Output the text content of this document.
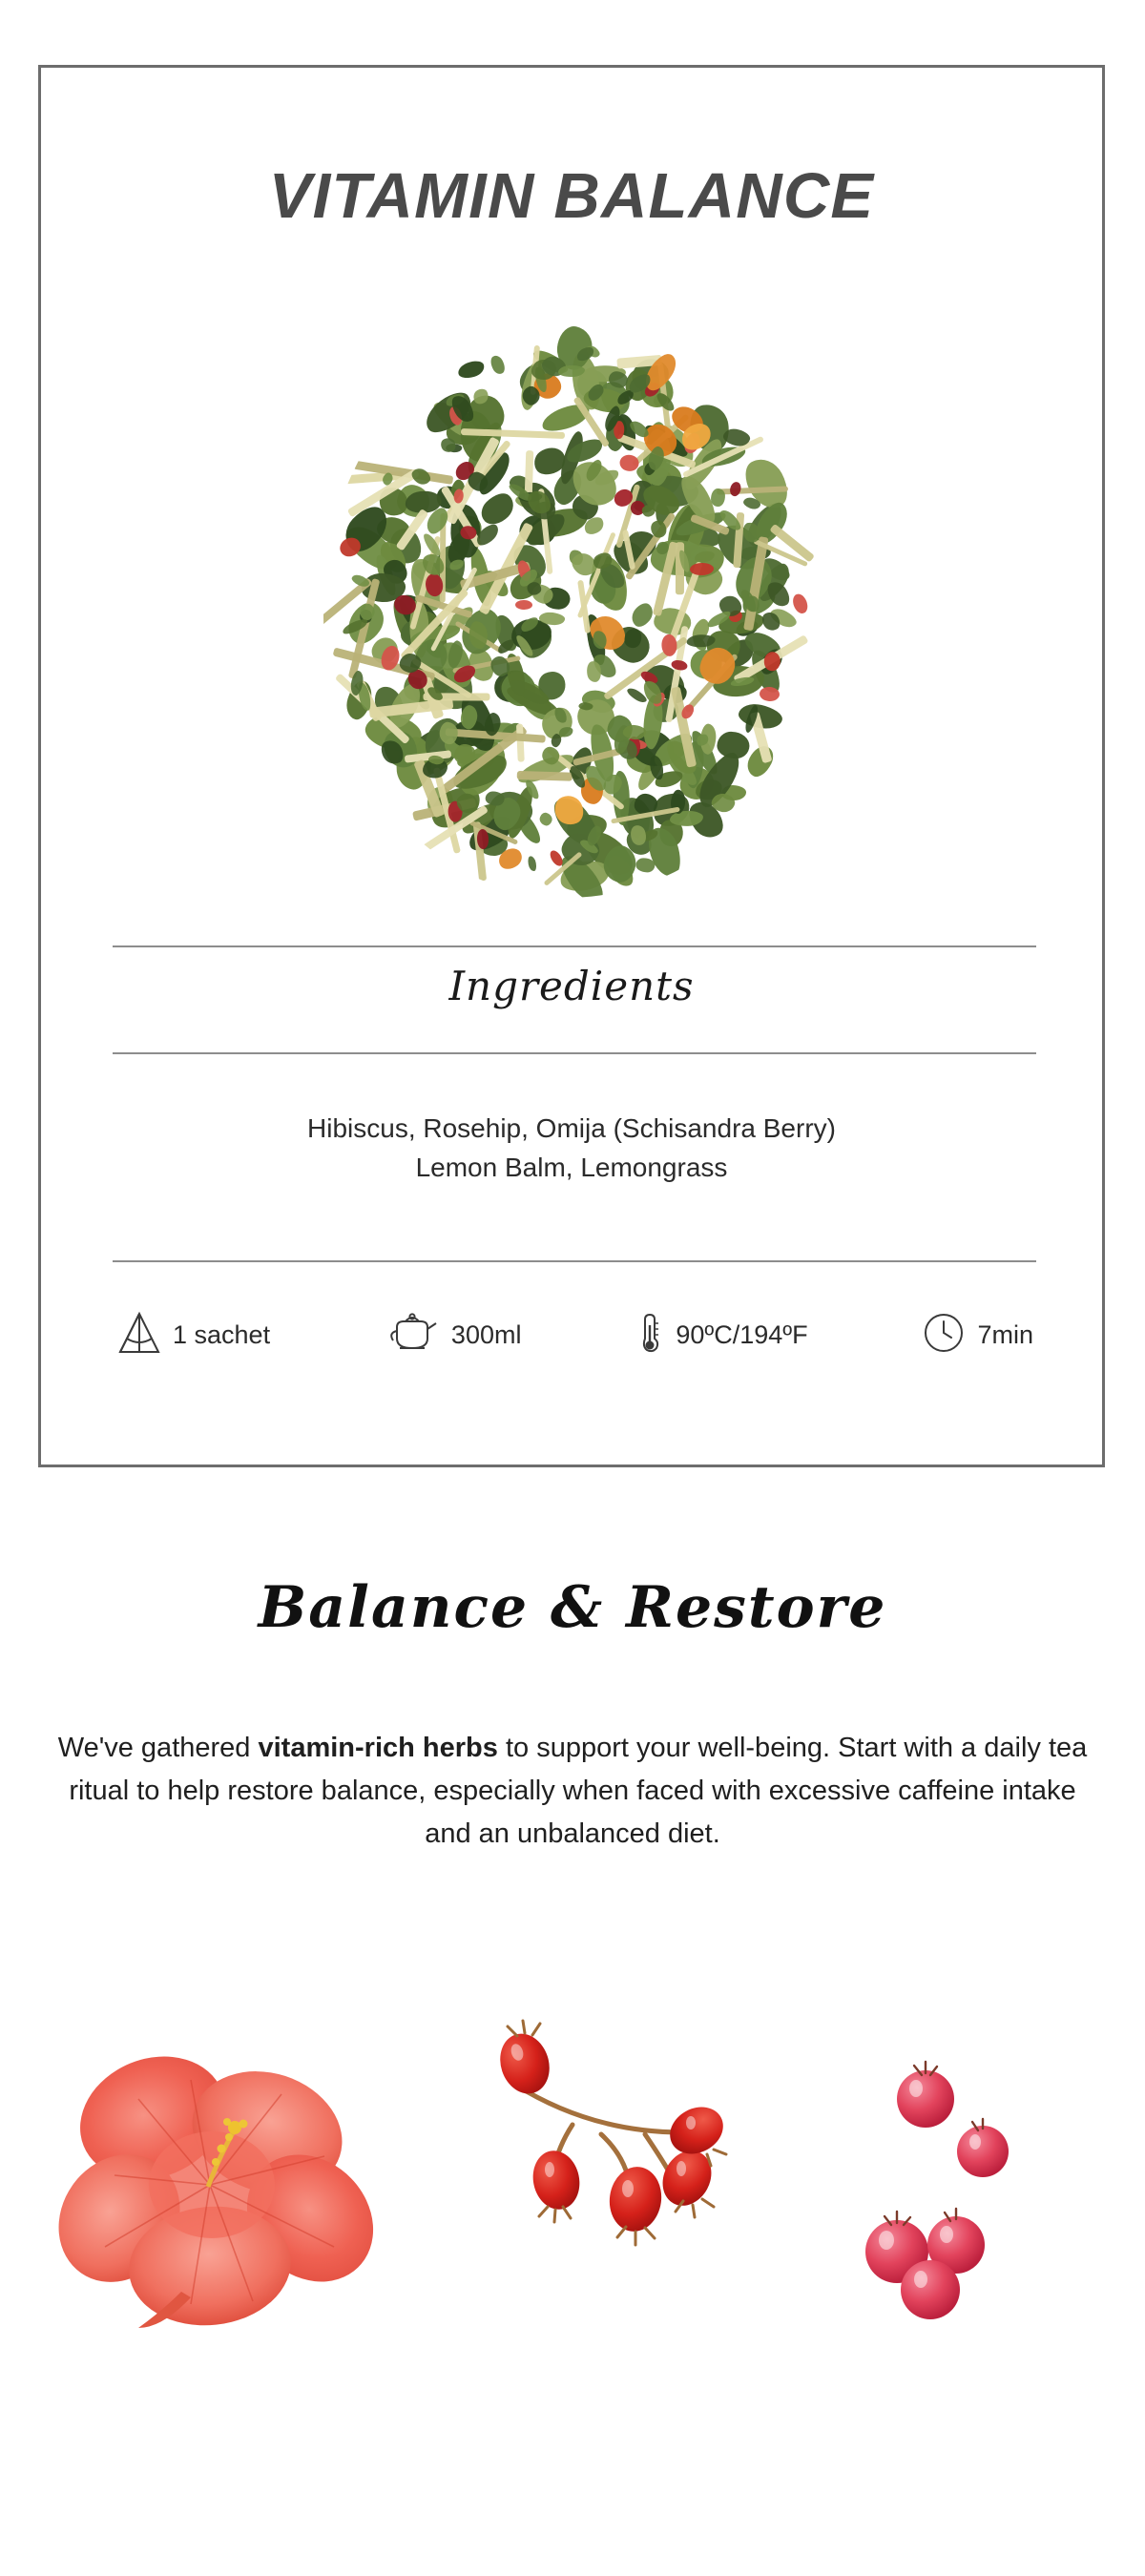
VITAMIN BALANCE
Ingredients
Hibiscus, Rosehip, Omija (Schisandra Berry)
Lemon Balm, Lemongrass
1 sachet	300ml	90ºC/194ºF	7min
Balance & Restore
We've gathered vitamin-rich herbs to support your well-being. Start with a daily tea ritual to help restore balance, especially when faced with excessive caffeine intake and an unbalanced diet.
